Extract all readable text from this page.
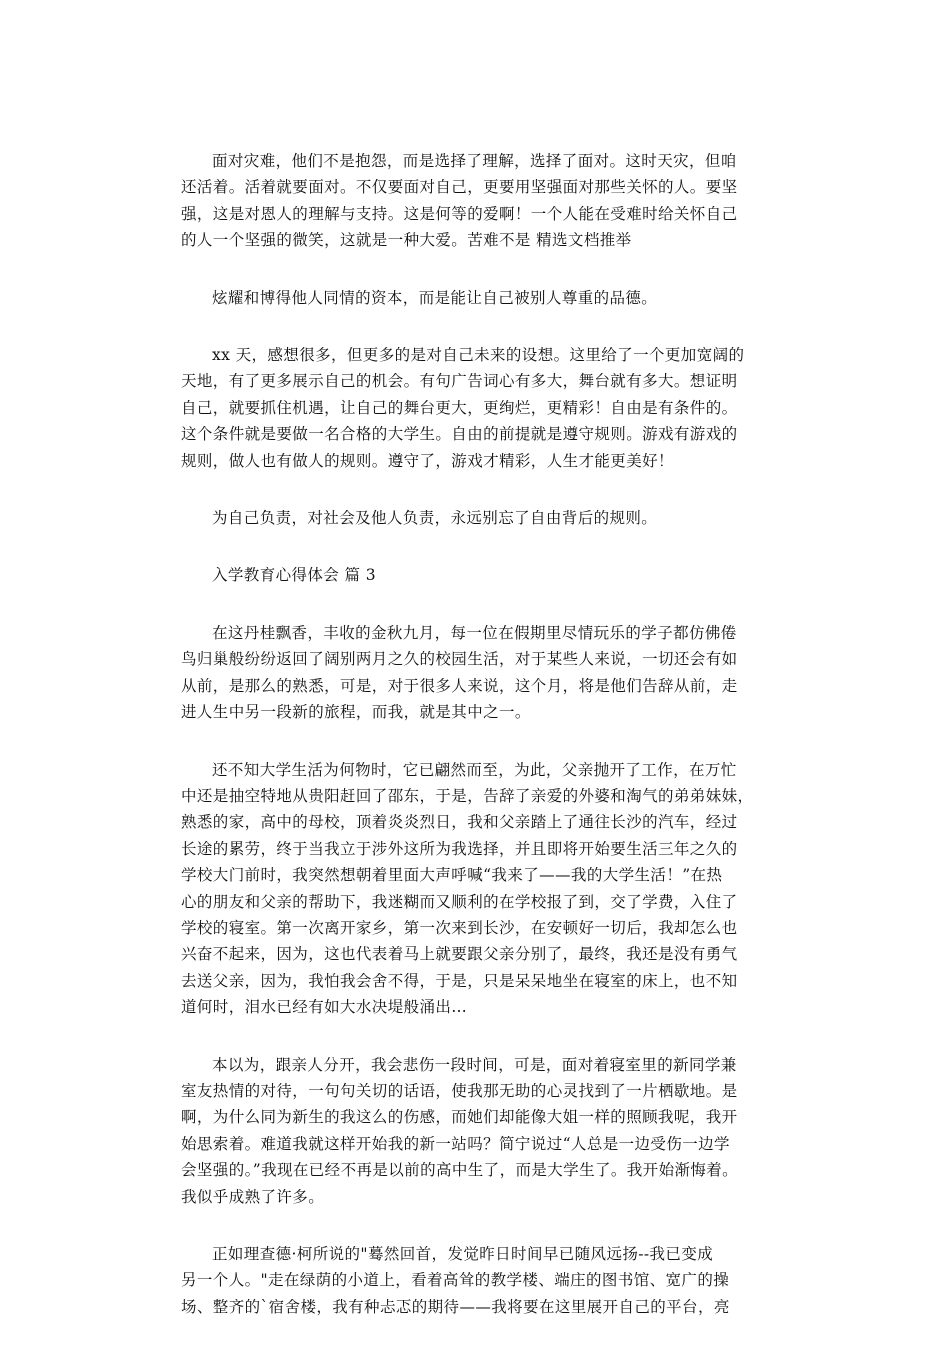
面对灾难，他们不是抱怨，而是选择了理解，选择了面对。这时天灾，但咱
还活着。活着就要面对。不仅要面对自己，更要用坚强面对那些关怀的人。要坚
强，这是对恩人的理解与支持。这是何等的爱啊！一个人能在受难时给关怀自己
的人一个坚强的微笑，这就是一种大爱。苦难不是 精选文档推举
炫耀和博得他人同情的资本，而是能让自己被别人尊重的品德。
xx 天，感想很多，但更多的是对自己未来的设想。这里给了一个更加宽阔的
天地，有了更多展示自己的机会。有句广告词心有多大，舞台就有多大。想证明
自己，就要抓住机遇，让自己的舞台更大，更绚烂，更精彩！自由是有条件的。
这个条件就是要做一名合格的大学生。自由的前提就是遵守规则。游戏有游戏的
规则，做人也有做人的规则。遵守了，游戏才精彩，人生才能更美好！
为自己负责，对社会及他人负责，永远别忘了自由背后的规则。
入学教育心得体会 篇 3
在这丹桂飘香，丰收的金秋九月，每一位在假期里尽情玩乐的学子都仿佛倦
鸟归巢般纷纷返回了阔别两月之久的校园生活，对于某些人来说，一切还会有如
从前，是那么的熟悉，可是，对于很多人来说，这个月，将是他们告辞从前，走
进人生中另一段新的旅程，而我，就是其中之一。
还不知大学生活为何物时，它已翩然而至，为此，父亲抛开了工作，在万忙
中还是抽空特地从贵阳赶回了邵东，于是，告辞了亲爱的外婆和淘气的弟弟妹妹，
熟悉的家，高中的母校，顶着炎炎烈日，我和父亲踏上了通往长沙的汽车，经过
长途的累劳，终于当我立于涉外这所为我选择，并且即将开始要生活三年之久的
学校大门前时，我突然想朝着里面大声呼喊“我来了——我的大学生活！”在热
心的朋友和父亲的帮助下，我迷糊而又顺利的在学校报了到，交了学费，入住了
学校的寝室。第一次离开家乡，第一次来到长沙，在安顿好一切后，我却怎么也
兴奋不起来，因为，这也代表着马上就要跟父亲分别了，最终，我还是没有勇气
去送父亲，因为，我怕我会舍不得，于是，只是呆呆地坐在寝室的床上，也不知
道何时，泪水已经有如大水决堤般涌出…
本以为，跟亲人分开，我会悲伤一段时间，可是，面对着寝室里的新同学兼
室友热情的对待，一句句关切的话语，使我那无助的心灵找到了一片栖歇地。是
啊，为什么同为新生的我这么的伤感，而她们却能像大姐一样的照顾我呢，我开
始思索着。难道我就这样开始我的新一站吗？简宁说过“人总是一边受伤一边学
会坚强的。”我现在已经不再是以前的高中生了，而是大学生了。我开始渐悔着。
我似乎成熟了许多。
正如理查德·柯所说的"蓦然回首，发觉昨日时间早已随风远扬--我已变成
另一个人。"走在绿荫的小道上，看着高耸的教学楼、端庄的图书馆、宽广的操
场、整齐的`宿舍楼，我有种忐忑的期待——我将要在这里展开自己的平台，亮
